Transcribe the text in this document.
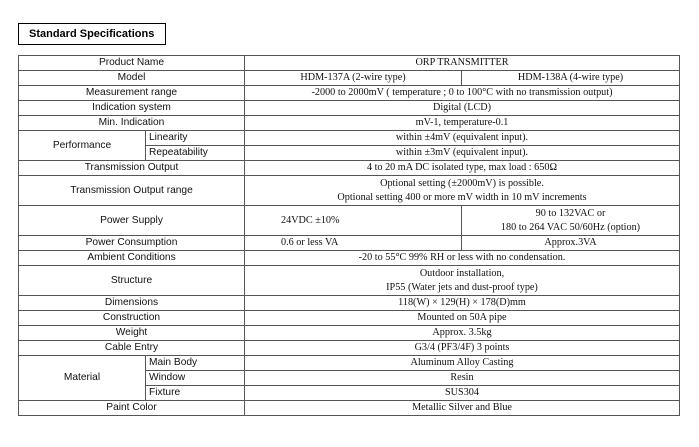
Standard Specifications
Product Name		ORP TRANSMITTER	
Model		HDM-137A (2-wire type)	HDM-138A (4-wire type)
Measurement range		-2000 to 2000mV ( temperature ; 0 to 100°C with no transmission output)	
Indication system		Digital (LCD)	
Min. Indication		mV-1, temperature-0.1	
Performance	Linearity	within ±4mV (equivalent input).	
	Repeatability	within ±3mV (equivalent input).	
Transmission Output		4 to 20 mA DC isolated type, max load : 650Ω	
Transmission Output range		Optional setting (±2000mV) is possible.
Optional setting 400 or more mV width in 10 mV increments	

Power Supply		24VDC ±10%	90 to 132VAC or
180 to 264 VAC 50/60Hz (option)

Power Consumption		0.6 or less VA	Approx.3VA
Ambient Conditions		-20 to 55°C 99% RH or less with no condensation.	
Structure		Outdoor installation,
IP55 (Water jets and dust-proof type)	

Dimensions		118(W) × 129(H) × 178(D)mm	
Construction		Mounted on 50A pipe	
Weight		Approx. 3.5kg	
Cable Entry		G3/4 (PF3/4F) 3 points	
Material	Main Body	Aluminum Alloy Casting	
	Window	Resin	
	Fixture	SUS304	
Paint Color		Metallic Silver and Blue	
